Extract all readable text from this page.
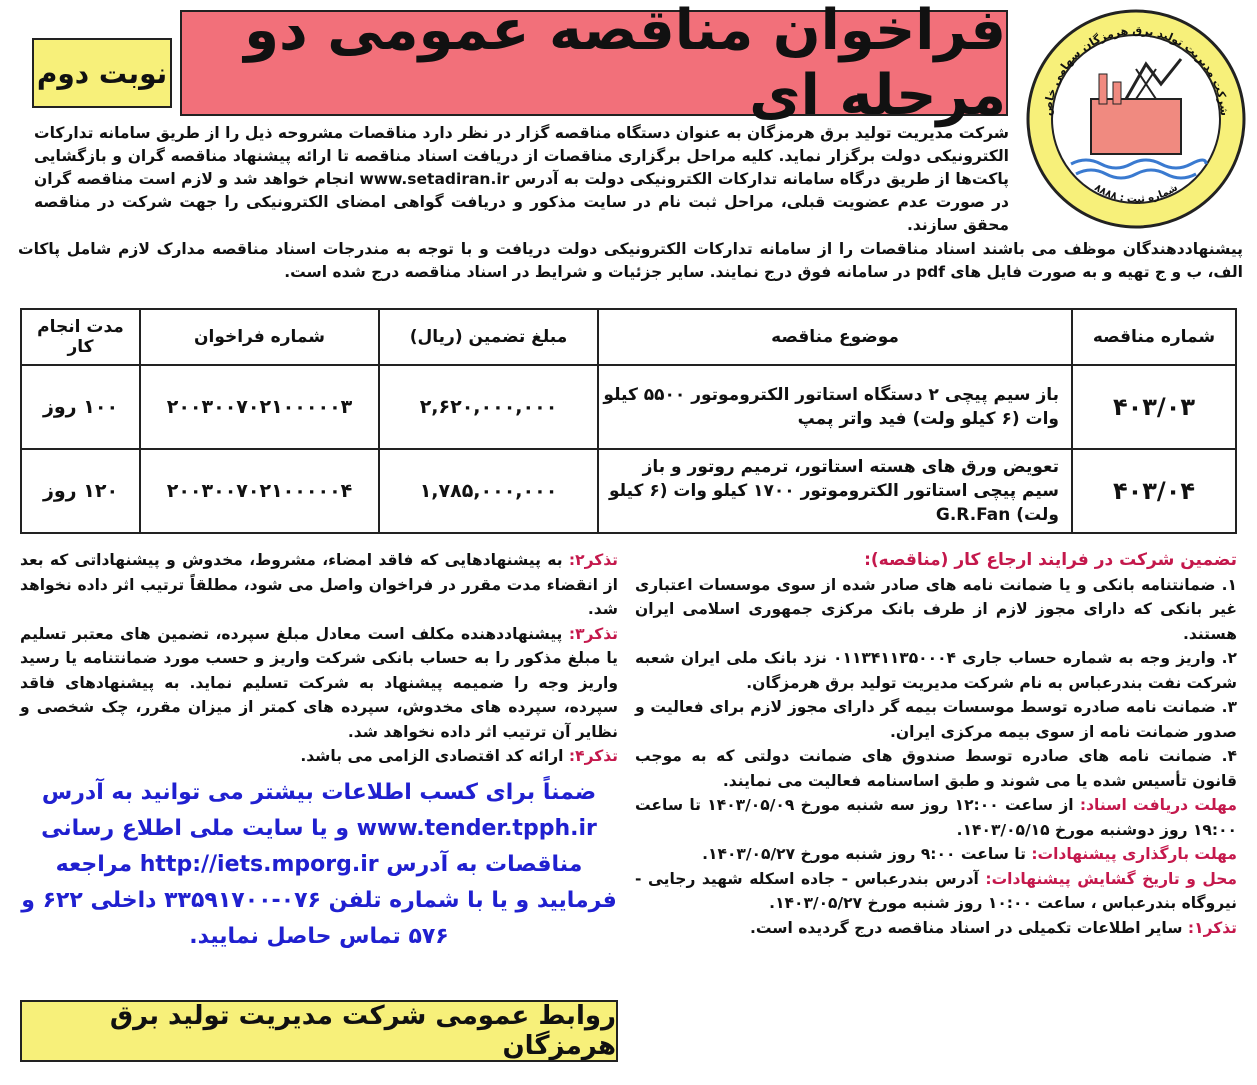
فراخوان مناقصه عمومی دو مرحله ای
نوبت دوم
شرکت مدیریت تولید برق هرمزگان سهامی خاص
شماره ثبت : ۸۸۸۸

شرکت مدیریت تولید برق هرمزگان به عنوان دستگاه مناقصه گزار در نظر دارد مناقصات مشروحه ذیل را از طریق سامانه تدارکات الکترونیکی دولت برگزار نماید. کلیه مراحل برگزاری مناقصات از دریافت اسناد مناقصه تا ارائه پیشنهاد مناقصه گران و بازگشایی پاکت‌ها از طریق درگاه سامانه تدارکات الکترونیکی دولت به آدرس www.setadiran.ir انجام خواهد شد و لازم است مناقصه گران در صورت عدم عضویت قبلی، مراحل ثبت نام در سایت مذکور و دریافت گواهی امضای الکترونیکی را جهت شرکت در مناقصه محقق سازند.

پیشنهاددهندگان موظف می باشند اسناد مناقصات را از سامانه تدارکات الکترونیکی دولت دریافت و با توجه به مندرجات اسناد مناقصه مدارک لازم شامل پاکات الف، ب و ج تهیه و به صورت فایل های pdf در سامانه فوق درج نمایند. سایر جزئیات و شرایط در اسناد مناقصه درج شده است.

شماره مناقصه	موضوع مناقصه	مبلغ تضمین (ریال)	شماره فراخوان	مدت انجام کار
۴۰۳/۰۳	باز سیم پیچی ۲ دستگاه استاتور الکتروموتور ۵۵۰۰ کیلو وات (۶ کیلو ولت) فید واتر پمپ	۲,۶۲۰,۰۰۰,۰۰۰	۲۰۰۳۰۰۷۰۲۱۰۰۰۰۰۳	۱۰۰ روز
۴۰۳/۰۴	تعویض ورق های هسته استاتور، ترمیم روتور و باز سیم پیچی استاتور الکتروموتور ۱۷۰۰ کیلو وات (۶ کیلو ولت) G.R.Fan	۱,۷۸۵,۰۰۰,۰۰۰	۲۰۰۳۰۰۷۰۲۱۰۰۰۰۰۴	۱۲۰ روز

تضمین شرکت در فرایند ارجاع کار (مناقصه):

۱. ضمانتنامه بانکی و یا ضمانت نامه های صادر شده از سوی موسسات اعتباری غیر بانکی که دارای مجوز لازم از طرف بانک مرکزی جمهوری اسلامی ایران هستند.

۲. واریز وجه به شماره حساب جاری ۰۱۱۳۴۱۱۳۵۰۰۰۴ نزد بانک ملی ایران شعبه شرکت نفت بندرعباس به نام شرکت مدیریت تولید برق هرمزگان.

۳. ضمانت نامه صادره توسط موسسات بیمه گر دارای مجوز لازم برای فعالیت و صدور ضمانت نامه از سوی بیمه مرکزی ایران.

۴. ضمانت نامه های صادره توسط صندوق های ضمانت دولتی که به موجب قانون تأسیس شده یا می شوند و طبق اساسنامه فعالیت می نمایند.

مهلت دریافت اسناد: از ساعت ۱۲:۰۰ روز سه شنبه مورخ ۱۴۰۳/۰۵/۰۹ تا ساعت ۱۹:۰۰ روز دوشنبه مورخ ۱۴۰۳/۰۵/۱۵.

مهلت بارگذاری پیشنهادات: تا ساعت ۹:۰۰ روز شنبه مورخ ۱۴۰۳/۰۵/۲۷.

محل و تاریخ گشایش پیشنهادات: آدرس بندرعباس - جاده اسکله شهید رجایی - نیروگاه بندرعباس ، ساعت ۱۰:۰۰ روز شنبه مورخ ۱۴۰۳/۰۵/۲۷.

تذکر۱: سایر اطلاعات تکمیلی در اسناد مناقصه درج گردیده است.

تذکر۲: به پیشنهادهایی که فاقد امضاء، مشروط، مخدوش و پیشنهاداتی که بعد از انقضاء مدت مقرر در فراخوان واصل می شود، مطلقاً ترتیب اثر داده نخواهد شد.

تذکر۳: پیشنهاددهنده مکلف است معادل مبلغ سپرده، تضمین های معتبر تسلیم یا مبلغ مذکور را به حساب بانکی شرکت واریز و حسب مورد ضمانتنامه یا رسید واریز وجه را ضمیمه پیشنهاد به شرکت تسلیم نماید. به پیشنهادهای فاقد سپرده، سپرده های مخدوش، سپرده های کمتر از میزان مقرر، چک شخصی و نظایر آن ترتیب اثر داده نخواهد شد.

تذکر۴: ارائه کد اقتصادی الزامی می باشد.

ضمناً برای کسب اطلاعات بیشتر می توانید به آدرس www.tender.tpph.ir و یا سایت ملی اطلاع رسانی مناقصات به آدرس http://iets.mporg.ir مراجعه فرمایید و یا با شماره تلفن ۰۷۶-۳۳۵۹۱۷۰۰ داخلی ۶۲۲ و ۵۷۶ تماس حاصل نمایید.

روابط عمومی شرکت مدیریت تولید برق هرمزگان
